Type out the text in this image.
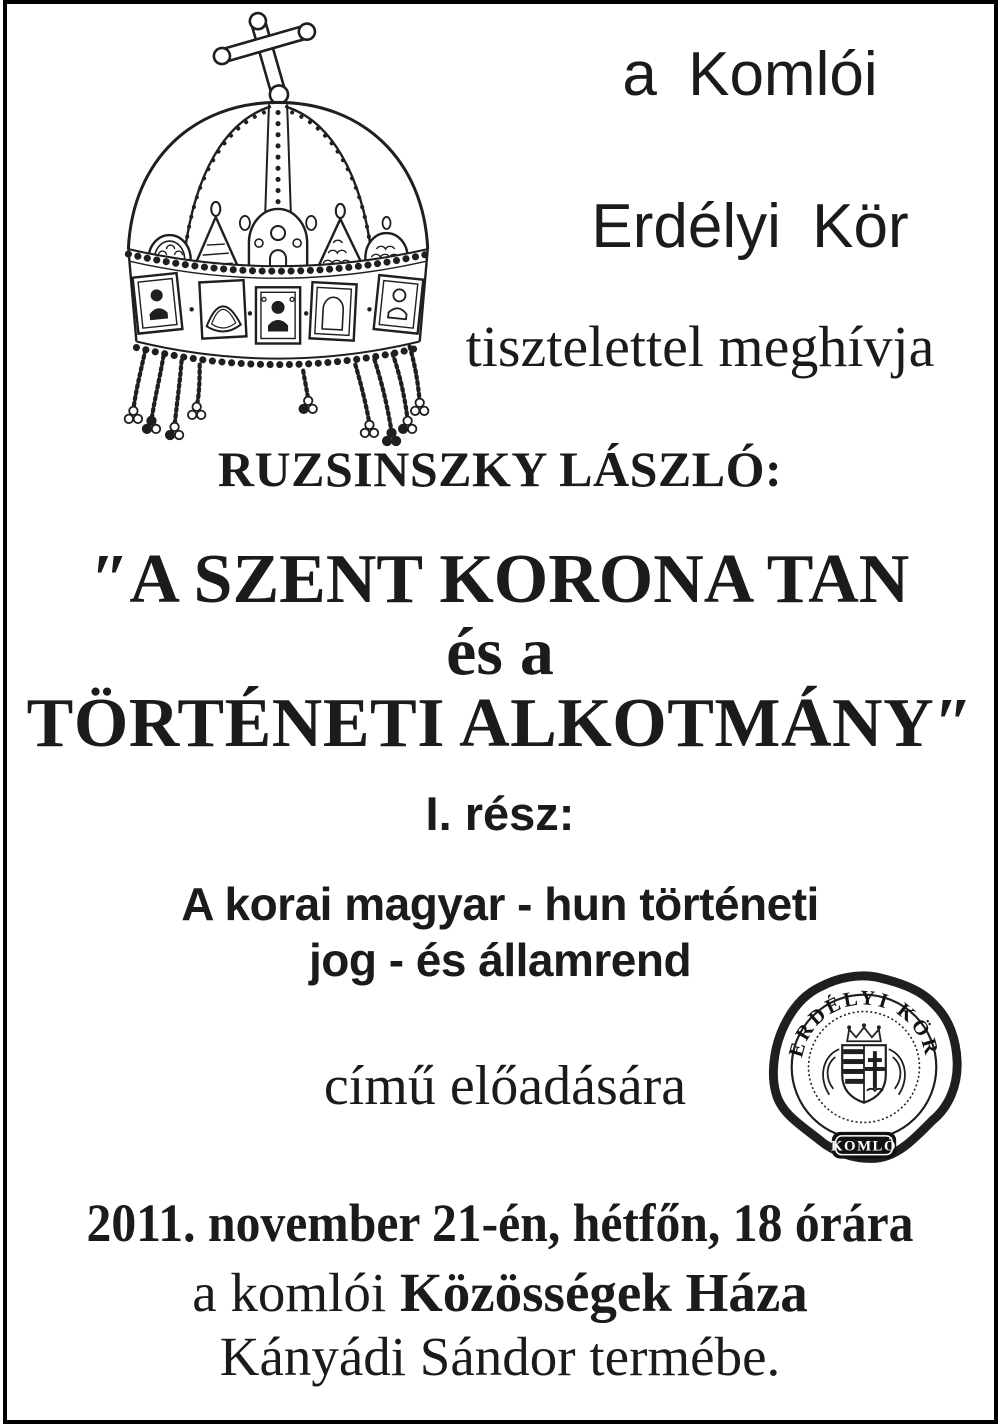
a Komlói
Erdélyi Kör
tisztelettel meghívja
RUZSINSZKY LÁSZLÓ:
″A SZENT KORONA TAN
és a
TÖRTÉNETI ALKOTMÁNY″
I. rész:
A korai magyar - hun történeti
jog - és államrend
című előadására
ERDÉLYI KÖR
KOMLÓ
2011. november 21-én, hétfőn, 18 órára
a komlói Közösségek Háza
Kányádi Sándor termébe.
